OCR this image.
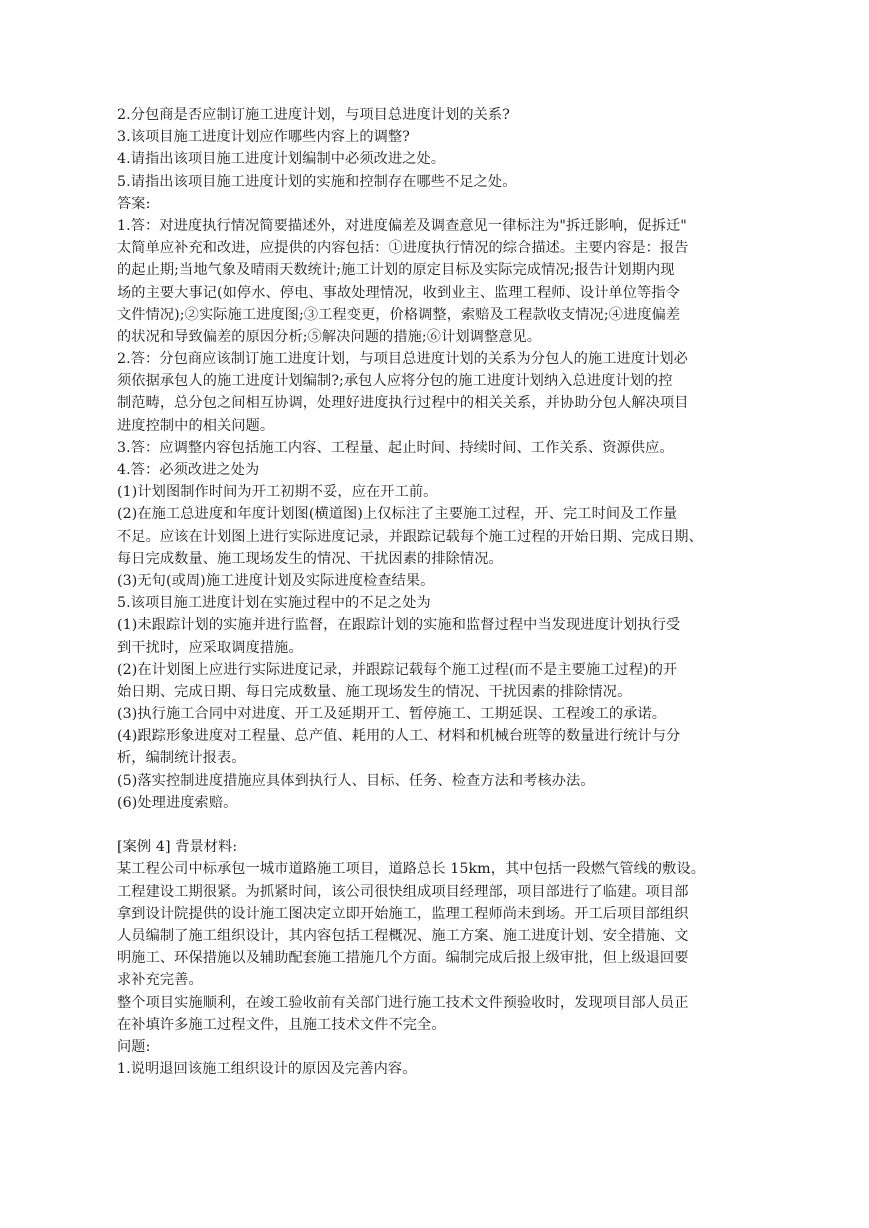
2.分包商是否应制订施工进度计划，与项目总进度计划的关系?
3.该项目施工进度计划应作哪些内容上的调整?
4.请指出该项目施工进度计划编制中必须改进之处。
5.请指出该项目施工进度计划的实施和控制存在哪些不足之处。
答案:
1.答：对进度执行情况简要描述外，对进度偏差及调查意见一律标注为"拆迁影响，促拆迁"
太简单应补充和改进，应提供的内容包括：①进度执行情况的综合描述。主要内容是：报告
的起止期;当地气象及晴雨天数统计;施工计划的原定目标及实际完成情况;报告计划期内现
场的主要大事记(如停水、停电、事故处理情况，收到业主、监理工程师、设计单位等指令
文件情况);②实际施工进度图;③工程变更，价格调整，索赔及工程款收支情况;④进度偏差
的状况和导致偏差的原因分析;⑤解决问题的措施;⑥计划调整意见。
2.答：分包商应该制订施工进度计划，与项目总进度计划的关系为分包人的施工进度计划必
须依据承包人的施工进度计划编制?;承包人应将分包的施工进度计划纳入总进度计划的控
制范畴，总分包之间相互协调，处理好进度执行过程中的相关关系，并协助分包人解决项目
进度控制中的相关问题。
3.答：应调整内容包括施工内容、工程量、起止时间、持续时间、工作关系、资源供应。
4.答：必须改进之处为
(1)计划图制作时间为开工初期不妥，应在开工前。
(2)在施工总进度和年度计划图(横道图)上仅标注了主要施工过程，开、完工时间及工作量
不足。应该在计划图上进行实际进度记录，并跟踪记载每个施工过程的开始日期、完成日期、
每日完成数量、施工现场发生的情况、干扰因素的排除情况。
(3)无旬(或周)施工进度计划及实际进度检查结果。
5.该项目施工进度计划在实施过程中的不足之处为
(1)未跟踪计划的实施并进行监督，在跟踪计划的实施和监督过程中当发现进度计划执行受
到干扰时，应采取调度措施。
(2)在计划图上应进行实际进度记录，并跟踪记载每个施工过程(而不是主要施工过程)的开
始日期、完成日期、每日完成数量、施工现场发生的情况、干扰因素的排除情况。
(3)执行施工合同中对进度、开工及延期开工、暂停施工、工期延误、工程竣工的承诺。
(4)跟踪形象进度对工程量、总产值、耗用的人工、材料和机械台班等的数量进行统计与分
析，编制统计报表。
(5)落实控制进度措施应具体到执行人、目标、任务、检查方法和考核办法。
(6)处理进度索赔。
[案例 4] 背景材料:
某工程公司中标承包一城市道路施工项目，道路总长 15km，其中包括一段燃气管线的敷设。
工程建设工期很紧。为抓紧时间，该公司很快组成项目经理部，项目部进行了临建。项目部
拿到设计院提供的设计施工图决定立即开始施工，监理工程师尚未到场。开工后项目部组织
人员编制了施工组织设计，其内容包括工程概况、施工方案、施工进度计划、安全措施、文
明施工、环保措施以及辅助配套施工措施几个方面。编制完成后报上级审批，但上级退回要
求补充完善。
整个项目实施顺利，在竣工验收前有关部门进行施工技术文件预验收时，发现项目部人员正
在补填许多施工过程文件，且施工技术文件不完全。
问题:
1.说明退回该施工组织设计的原因及完善内容。
